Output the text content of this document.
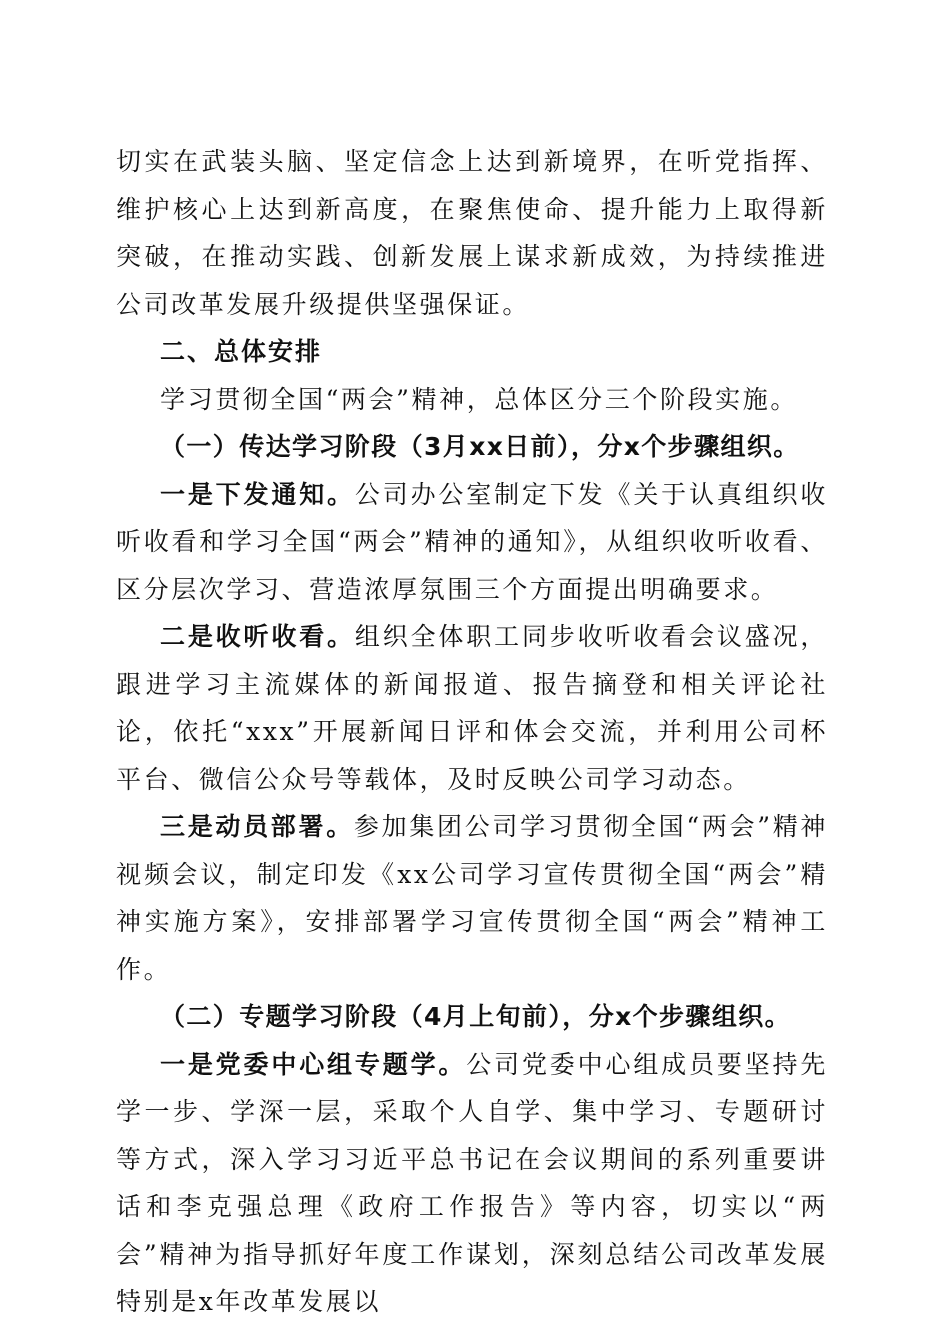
切实在武装头脑、坚定信念上达到新境界，在听党指挥、维护核心上达到新高度，在聚焦使命、提升能力上取得新突破，在推动实践、创新发展上谋求新成效，为持续推进公司改革发展升级提供坚强保证。

二、总体安排

学习贯彻全国“两会”精神，总体区分三个阶段实施。

（一）传达学习阶段（3月xx日前），分x个步骤组织。

一是下发通知。公司办公室制定下发《关于认真组织收听收看和学习全国“两会”精神的通知》，从组织收听收看、区分层次学习、营造浓厚氛围三个方面提出明确要求。

二是收听收看。组织全体职工同步收听收看会议盛况，跟进学习主流媒体的新闻报道、报告摘登和相关评论社论，依托“xxx”开展新闻日评和体会交流，并利用公司杯平台、微信公众号等载体，及时反映公司学习动态。

三是动员部署。参加集团公司学习贯彻全国“两会”精神视频会议，制定印发《xx公司学习宣传贯彻全国“两会”精神实施方案》，安排部署学习宣传贯彻全国“两会”精神工作。

（二）专题学习阶段（4月上旬前），分x个步骤组织。

一是党委中心组专题学。公司党委中心组成员要坚持先学一步、学深一层，采取个人自学、集中学习、专题研讨等方式，深入学习习近平总书记在会议期间的系列重要讲话和李克强总理《政府工作报告》等内容，切实以“两会”精神为指导抓好年度工作谋划，深刻总结公司改革发展特别是x年改革发展以
